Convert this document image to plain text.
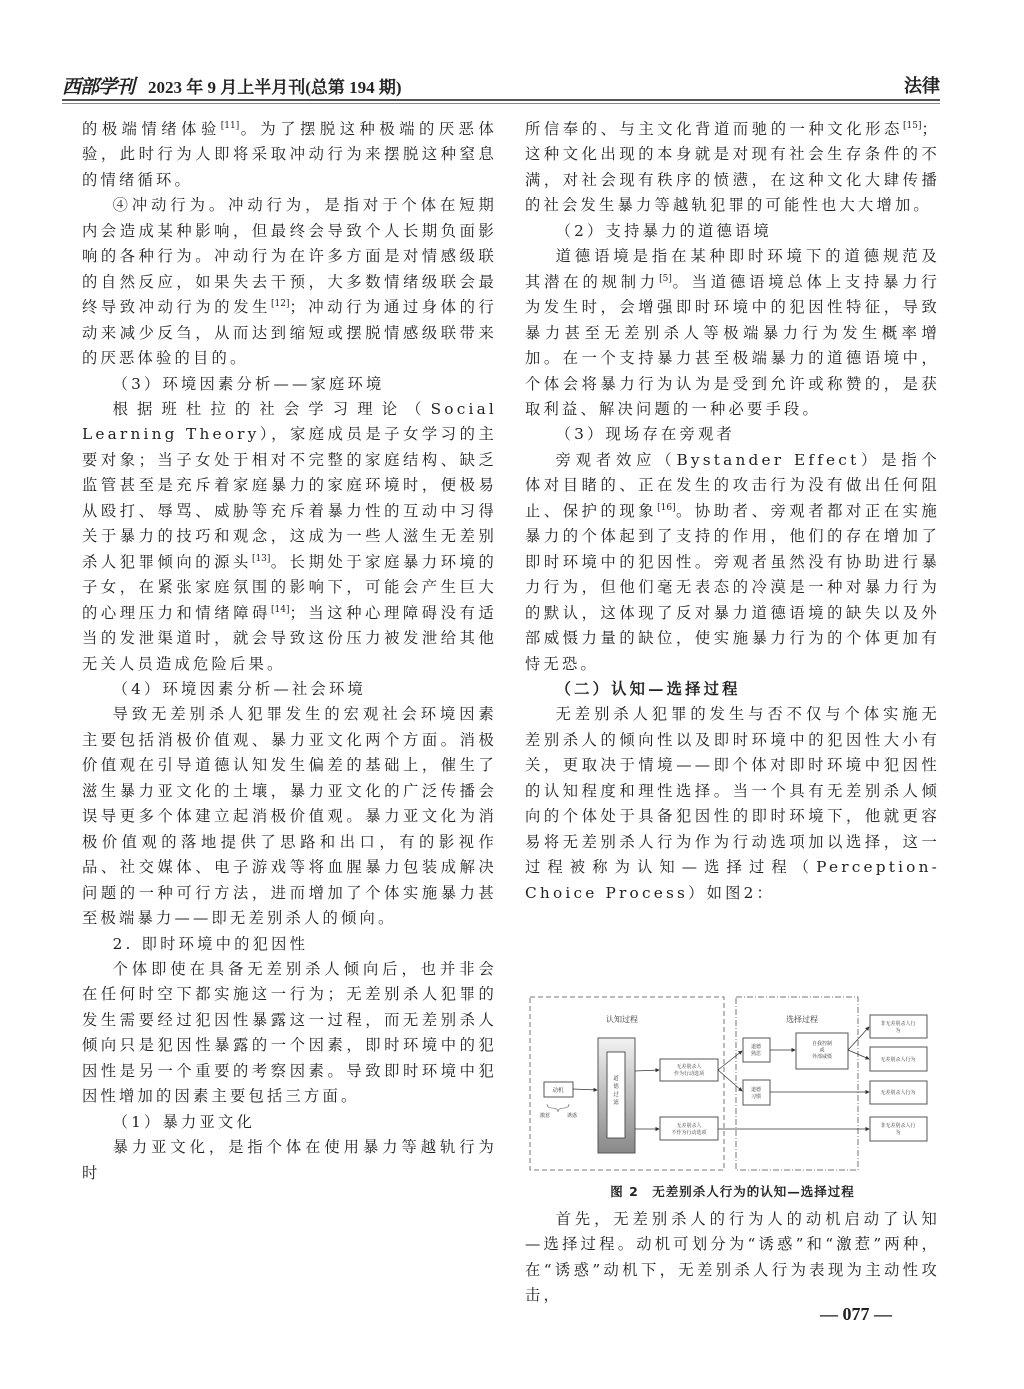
西部学刊 2023 年 9 月上半月刊(总第 194 期)	法律

的极端情绪体验[11]。为了摆脱这种极端的厌恶体验，此时行为人即将采取冲动行为来摆脱这种窒息的情绪循环。

④冲动行为。冲动行为，是指对于个体在短期内会造成某种影响，但最终会导致个人长期负面影响的各种行为。冲动行为在许多方面是对情感级联的自然反应，如果失去干预，大多数情绪级联会最终导致冲动行为的发生[12]；冲动行为通过身体的行动来减少反刍，从而达到缩短或摆脱情感级联带来的厌恶体验的目的。

（3）环境因素分析——家庭环境

根据班杜拉的社会学习理论（Social Learning Theory），家庭成员是子女学习的主要对象；当子女处于相对不完整的家庭结构、缺乏监管甚至是充斥着家庭暴力的家庭环境时，便极易从殴打、辱骂、威胁等充斥着暴力性的互动中习得关于暴力的技巧和观念，这成为一些人滋生无差别杀人犯罪倾向的源头[13]。长期处于家庭暴力环境的子女，在紧张家庭氛围的影响下，可能会产生巨大的心理压力和情绪障碍[14]；当这种心理障碍没有适当的发泄渠道时，就会导致这份压力被发泄给其他无关人员造成危险后果。

（4）环境因素分析—社会环境

导致无差别杀人犯罪发生的宏观社会环境因素主要包括消极价值观、暴力亚文化两个方面。消极价值观在引导道德认知发生偏差的基础上，催生了滋生暴力亚文化的土壤，暴力亚文化的广泛传播会误导更多个体建立起消极价值观。暴力亚文化为消极价值观的落地提供了思路和出口，有的影视作品、社交媒体、电子游戏等将血腥暴力包装成解决问题的一种可行方法，进而增加了个体实施暴力甚至极端暴力——即无差别杀人的倾向。

2. 即时环境中的犯因性

个体即使在具备无差别杀人倾向后，也并非会在任何时空下都实施这一行为；无差别杀人犯罪的发生需要经过犯因性暴露这一过程，而无差别杀人倾向只是犯因性暴露的一个因素，即时环境中的犯因性是另一个重要的考察因素。导致即时环境中犯因性增加的因素主要包括三方面。

（1）暴力亚文化

暴力亚文化，是指个体在使用暴力等越轨行为时

所信奉的、与主文化背道而驰的一种文化形态[15]；这种文化出现的本身就是对现有社会生存条件的不满，对社会现有秩序的愤懑，在这种文化大肆传播的社会发生暴力等越轨犯罪的可能性也大大增加。

（2）支持暴力的道德语境

道德语境是指在某种即时环境下的道德规范及其潜在的规制力[5]。当道德语境总体上支持暴力行为发生时，会增强即时环境中的犯因性特征，导致暴力甚至无差别杀人等极端暴力行为发生概率增加。在一个支持暴力甚至极端暴力的道德语境中，个体会将暴力行为认为是受到允许或称赞的，是获取利益、解决问题的一种必要手段。

（3）现场存在旁观者

旁观者效应（Bystander Effect）是指个体对目睹的、正在发生的攻击行为没有做出任何阻止、保护的现象[16]。协助者、旁观者都对正在实施暴力的个体起到了支持的作用，他们的存在增加了即时环境中的犯因性。旁观者虽然没有协助进行暴力行为，但他们毫无表态的冷漠是一种对暴力行为的默认，这体现了反对暴力道德语境的缺失以及外部威慑力量的缺位，使实施暴力行为的个体更加有恃无恐。

（二）认知—选择过程

无差别杀人犯罪的发生与否不仅与个体实施无差别杀人的倾向性以及即时环境中的犯因性大小有关，更取决于情境——即个体对即时环境中犯因性的认知程度和理性选择。当一个具有无差别杀人倾向的个体处于具备犯因性的即时环境下，他就更容易将无差别杀人行为作为行动选项加以选择，这一过程被称为认知—选择过程（Perception-Choice Process）如图2：

认知过程	选择过程
动机
激惹	诱惑
道德过滤
无差别杀人作为行动选项
无差别杀人不作为行动选项
道德熟思
道德习惯
自我控制或外部威慑
非无差别杀人行为
无差别杀人行为
无差别杀人行为
非无差别杀人行为
图 2　无差别杀人行为的认知—选择过程

首先，无差别杀人的行为人的动机启动了认知—选择过程。动机可划分为“诱惑”和“激惹”两种，在“诱惑”动机下，无差别杀人行为表现为主动性攻击，

— 077 —
